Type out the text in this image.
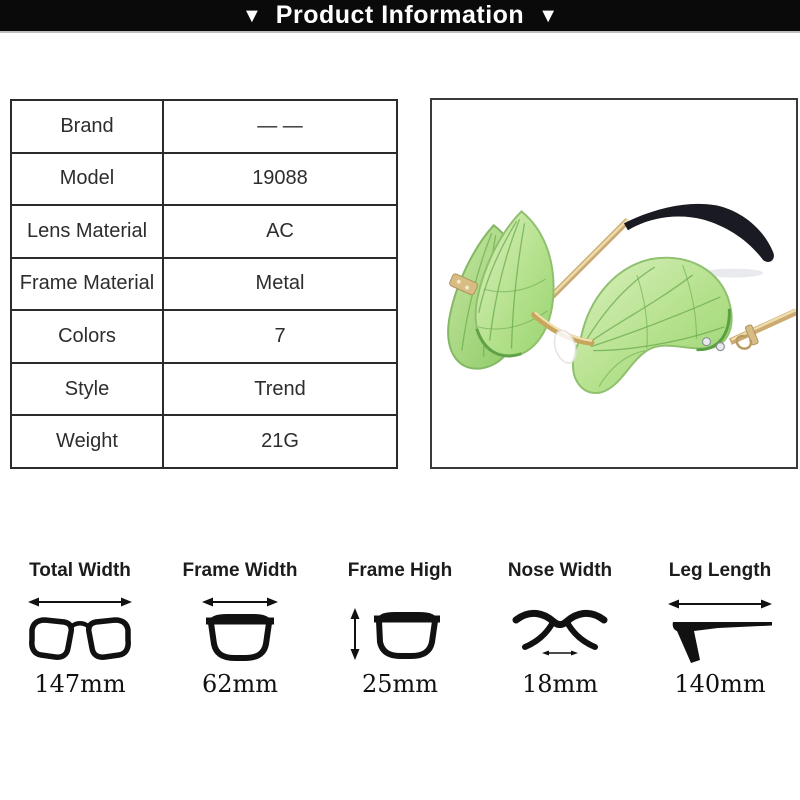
▼ Product Information ▼
Brand	— —
Model	19088
Lens Material	AC
Frame Material	Metal
Colors	7
Style	Trend
Weight	21G
Total Width
147mm
Frame Width
62mm
Frame High
25mm
Nose Width
18mm
Leg Length
140mm
